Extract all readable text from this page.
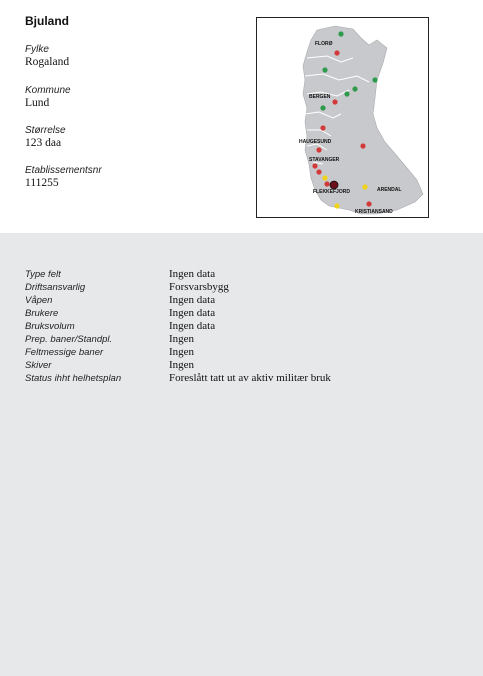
Bjuland
Fylke
Rogaland
Kommune
Lund
Størrelse
123 daa
Etablissementsnr
111255
FLORØ
BERGEN
HAUGESUND
STAVANGER
FLEKKEFJORD	ARENDAL
KRISTIANSAND
Type felt	Ingen data
Driftsansvarlig	Forsvarsbygg
Våpen	Ingen data
Brukere	Ingen data
Bruksvolum	Ingen data
Prep. baner/Standpl.	Ingen
Feltmessige baner	Ingen
Skiver	Ingen
Status ihht helhetsplan	Foreslått tatt ut av aktiv militær bruk
